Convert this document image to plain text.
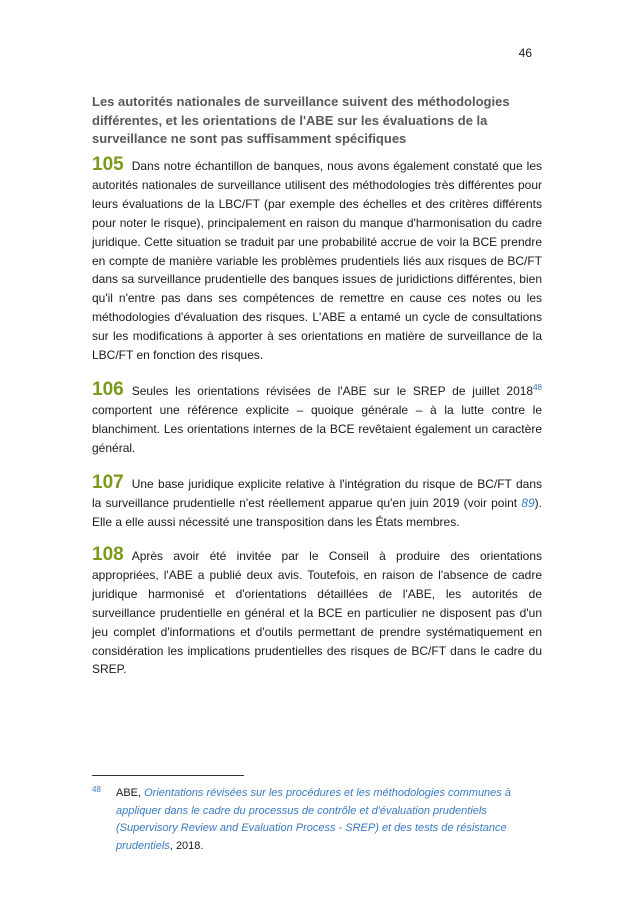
46
Les autorités nationales de surveillance suivent des méthodologies différentes, et les orientations de l'ABE sur les évaluations de la surveillance ne sont pas suffisamment spécifiques
105 Dans notre échantillon de banques, nous avons également constaté que les autorités nationales de surveillance utilisent des méthodologies très différentes pour leurs évaluations de la LBC/FT (par exemple des échelles et des critères différents pour noter le risque), principalement en raison du manque d'harmonisation du cadre juridique. Cette situation se traduit par une probabilité accrue de voir la BCE prendre en compte de manière variable les problèmes prudentiels liés aux risques de BC/FT dans sa surveillance prudentielle des banques issues de juridictions différentes, bien qu'il n'entre pas dans ses compétences de remettre en cause ces notes ou les méthodologies d'évaluation des risques. L'ABE a entamé un cycle de consultations sur les modifications à apporter à ses orientations en matière de surveillance de la LBC/FT en fonction des risques.
106 Seules les orientations révisées de l'ABE sur le SREP de juillet 2018$^{48}$ comportent une référence explicite – quoique générale – à la lutte contre le blanchiment. Les orientations internes de la BCE revêtaient également un caractère général.
107 Une base juridique explicite relative à l'intégration du risque de BC/FT dans la surveillance prudentielle n'est réellement apparue qu'en juin 2019 (voir point 89). Elle a elle aussi nécessité une transposition dans les États membres.
108 Après avoir été invitée par le Conseil à produire des orientations appropriées, l'ABE a publié deux avis. Toutefois, en raison de l'absence de cadre juridique harmonisé et d'orientations détaillées de l'ABE, les autorités de surveillance prudentielle en général et la BCE en particulier ne disposent pas d'un jeu complet d'informations et d'outils permettant de prendre systématiquement en considération les implications prudentielles des risques de BC/FT dans le cadre du SREP.
48	ABE, Orientations révisées sur les procédures et les méthodologies communes à appliquer dans le cadre du processus de contrôle et d'évaluation prudentiels (Supervisory Review and Evaluation Process - SREP) et des tests de résistance prudentiels, 2018.
